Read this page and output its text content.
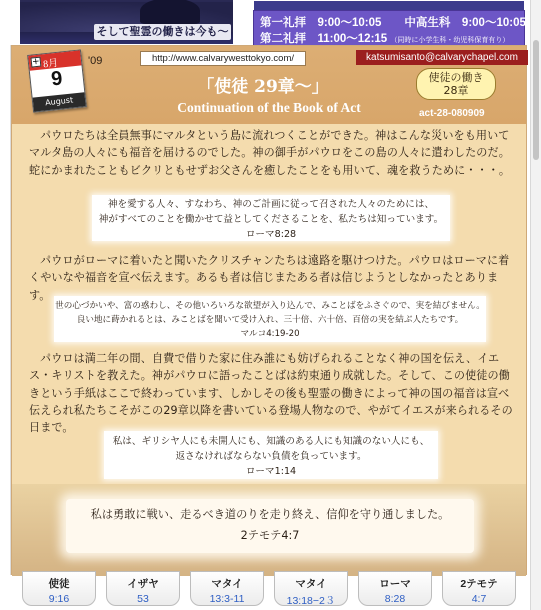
そして聖霊の働きは今も〜
第一礼拝　9:00〜10:05　　中高生科　9:00〜10:05
第二礼拝　11:00〜12:15 （同時に小学生科・幼児科保育有り）
+ 8月
9
August
'09	http://www.calvarywesttokyo.com/	katsumisanto@calvarychapel.com
「使徒 29章〜」
Continuation of the Book of Act
使徒の働き
28章
act-28-080909

パウロたちは全員無事にマルタという島に流れつくことができた。神はこんな災いをも用いてマルタ島の人々にも福音を届けるのでした。神の御手がパウロをこの島の人々に遣わしたのだ。蛇にかまれたこともビクリともせずお父さんを癒したことをも用いて、魂を救うために・・・。

神を愛する人々、すなわち、神のご計画に従って召された人々のためには、
神がすべてのことを働かせて益としてくださることを、私たちは知っています。
ローマ8:28

パウロがローマに着いたと聞いたクリスチャンたちは遠路を駆けつけた。パウロはローマに着くやいなや福音を宣べ伝えます。あるも者は信じまたある者は信じようとしなかったとあります。

世の心づかいや、富の惑わし、その他いろいろな欲望が入り込んで、みことばをふさぐので、実を結びません。
良い地に蒔かれるとは、みことばを聞いて受け入れ、三十倍、六十倍、百倍の実を結ぶ人たちです。
マルコ4:19-20

パウロは満二年の間、自費で借りた家に住み誰にも妨げられることなく神の国を伝え、イエス・キリストを教えた。神がパウロに語ったことばは約束通り成就した。そして、この使徒の働きという手紙はここで終わっています、しかしその後も聖霊の働きによって神の国の福音は宣べ伝えられ私たちこそがこの29章以降を書いている登場人物なので、やがてイエスが来られるその日まで。

私は、ギリシヤ人にも未開人にも、知識のある人にも知識のない人にも、
返さなければならない負債を負っています。
ローマ1:14
私は勇敢に戦い、走るべき道のりを走り終え、信仰を守り通しました。
2テモテ4:7
使徒
9:16
イザヤ
53
マタイ
13:3-11
マタイ
13:18−2３
ローマ
8:28
2テモテ
4:7
